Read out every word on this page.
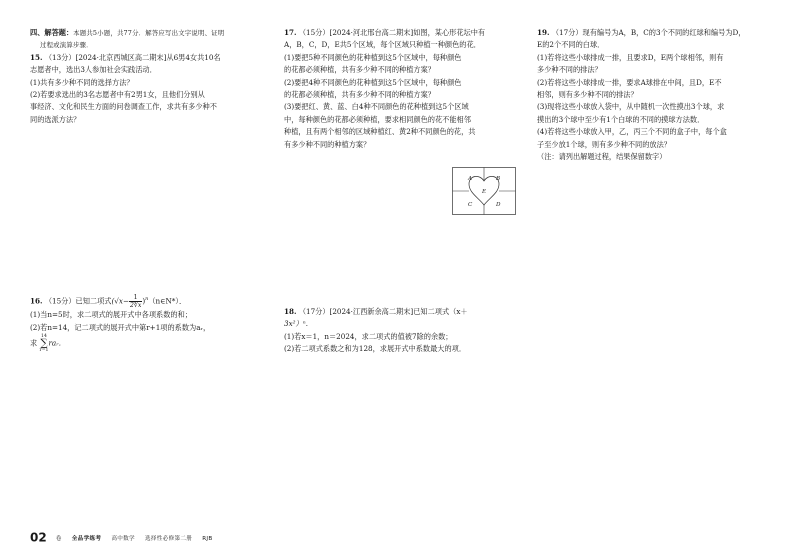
四、解答题：本题共5小题，共77分．解答应写出文字说明、证明

过程或演算步骤．

15. （13分）[2024·北京西城区高二期末]从6男4女共10名

志愿者中，选出3人参加社会实践活动．

(1)共有多少种不同的选择方法？

(2)若要求选出的3名志愿者中有2男1女，且他们分别从

事经济、文化和民生方面的问卷调查工作，求共有多少种不

同的选派方法？

16. （15分）已知二项式($√x- \frac{1}{2∜x}$ )$^n(n\in N*)$．

(1)当n=5时，求二项式的展开式中各项系数的和；

(2)若n=14，记二项式的展开式中第r+1项的系数为aᵣ，

求
14
∑
r=1
raᵣ．

17. （15分）[2024·河北邢台高二期末]如图，某心形花坛中有

A，B，C，D，E共5个区域，每个区域只种植一种颜色的花．

(1)要把5种不同颜色的花种植到这5个区域中，每种颜色

的花都必须种植，共有多少种不同的种植方案？

(2)要把4种不同颜色的花种植到这5个区域中，每种颜色

的花都必须种植，共有多少种不同的种植方案？

(3)要把红、黄、蓝、白4种不同颜色的花种植到这5个区域

中，每种颜色的花都必须种植，要求相同颜色的花不能相邻

种植，且有两个相邻的区域种植红、黄2种不同颜色的花，共

有多少种不同的种植方案？

A	B
C	D
E

18. （17分）[2024·江西新余高二期末]已知二项式（x＋

3x²）ⁿ．

(1)若x＝1，n＝2024，求二项式的值被7除的余数；

(2)若二项式系数之和为128，求展开式中系数最大的项．

19. （17分）现有编号为A，B，C的3个不同的红球和编号为D，

E的2个不同的白球．

(1)若将这些小球排成一排，且要求D，E两个球相邻，则有

多少种不同的排法？

(2)若将这些小球排成一排，要求A球排在中间，且D，E不

相邻，则有多少种不同的排法？

(3)现将这些小球放入袋中，从中随机一次性摸出3个球，求

摸出的3个球中至少有1个白球的不同的摸球方法数．

(4)若将这些小球放入甲，乙，丙三个不同的盒子中，每个盒

子至少放1个球，则有多少种不同的放法？

（注：请列出解题过程，结果保留数字）

02 卷 全品学练考 高中数学 选择性必修第二册 RJB
